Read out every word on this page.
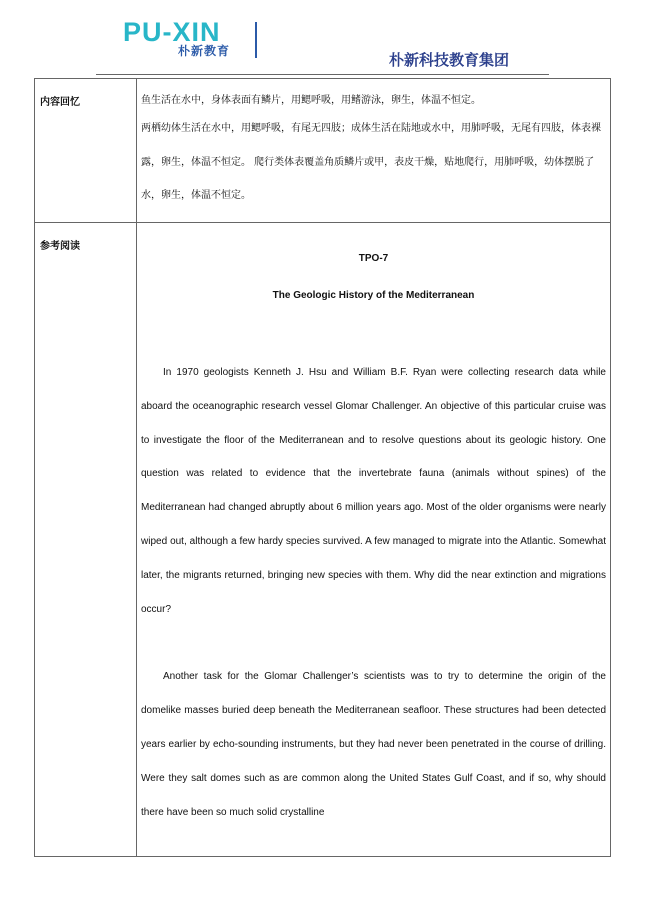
PU-XIN
朴新教育	朴新科技教育集团
内容回忆	鱼生活在水中，身体表面有鳞片，用鳃呼吸，用鳍游泳，卵生，体温不恒定。

两栖幼体生活在水中，用鳃呼吸，有尾无四肢；成体生活在陆地或水中，用肺呼吸，无尾有四肢，体表裸露，卵生，体温不恒定。 爬行类体表覆盖角质鳞片或甲，表皮干燥，贴地爬行，用肺呼吸，幼体摆脱了水，卵生，体温不恒定。

参考阅读	TPO-7
The Geologic History of the Mediterranean

In 1970 geologists Kenneth J. Hsu and William B.F. Ryan were collecting research data while aboard the oceanographic research vessel Glomar Challenger. An objective of this particular cruise was to investigate the floor of the Mediterranean and to resolve questions about its geologic history. One question was related to evidence that the invertebrate fauna (animals without spines) of the Mediterranean had changed abruptly about 6 million years ago. Most of the older organisms were nearly wiped out, although a few hardy species survived. A few managed to migrate into the Atlantic. Somewhat later, the migrants returned, bringing new species with them. Why did the near extinction and migrations occur?

Another task for the Glomar Challenger’s scientists was to try to determine the origin of the domelike masses buried deep beneath the Mediterranean seafloor. These structures had been detected years earlier by echo-sounding instruments, but they had never been penetrated in the course of drilling. Were they salt domes such as are common along the United States Gulf Coast, and if so, why should there have been so much solid crystalline
